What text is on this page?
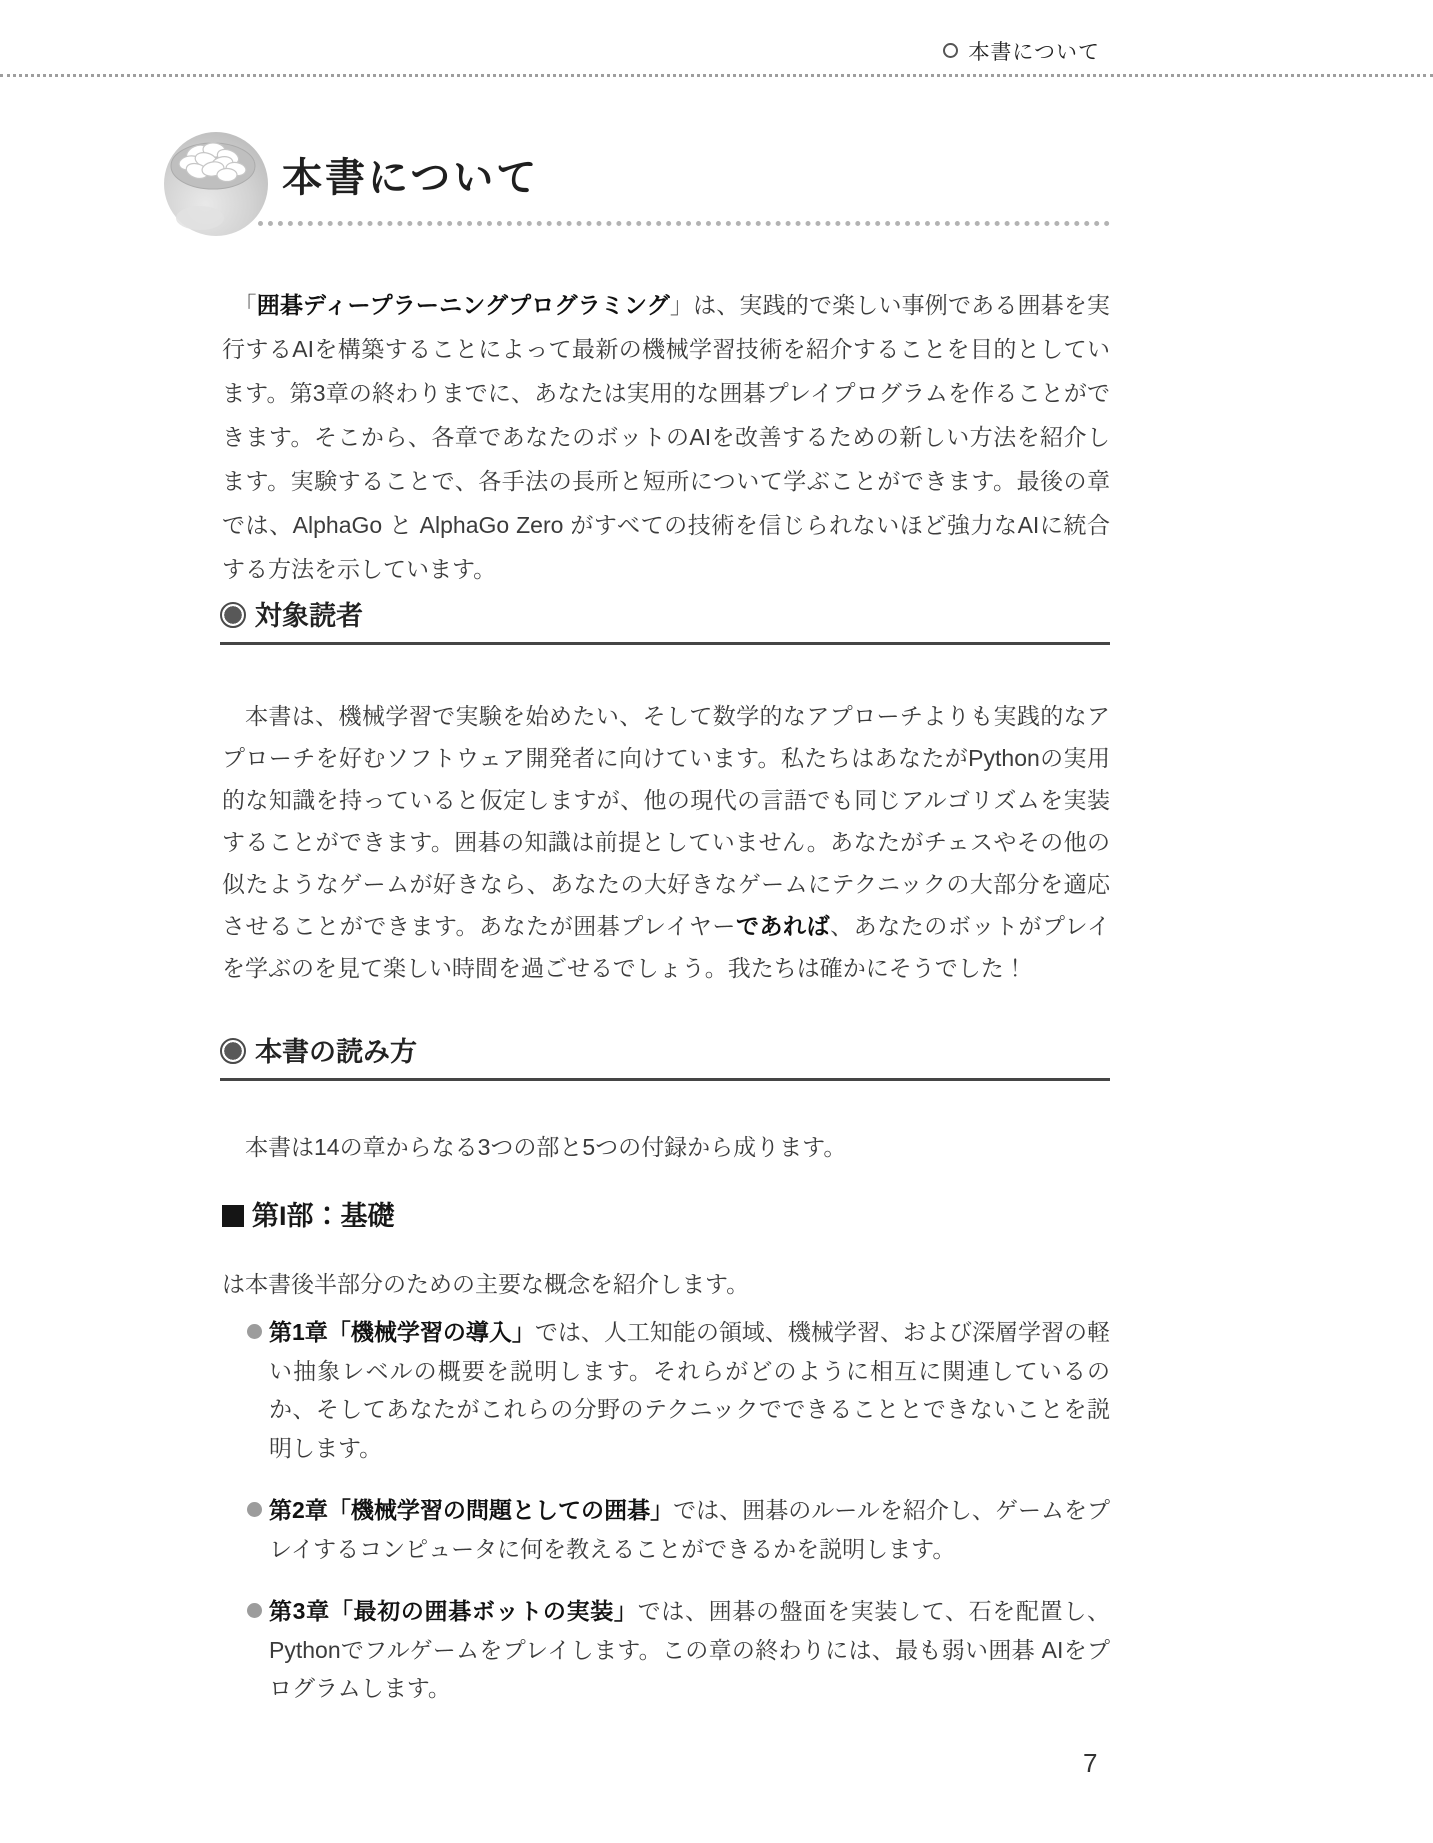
本書について
本書について

「囲碁ディープラーニングプログラミング」は、実践的で楽しい事例である囲碁を実行するAIを構築することによって最新の機械学習技術を紹介することを目的としています。第3章の終わりまでに、あなたは実用的な囲碁プレイプログラムを作ることができます。そこから、各章であなたのボットのAIを改善するための新しい方法を紹介します。実験することで、各手法の長所と短所について学ぶことができます。最後の章では、AlphaGo と AlphaGo Zero がすべての技術を信じられないほど強力なAIに統合する方法を示しています。

対象読者

本書は、機械学習で実験を始めたい、そして数学的なアプローチよりも実践的なアプローチを好むソフトウェア開発者に向けています。私たちはあなたがPythonの実用的な知識を持っていると仮定しますが、他の現代の言語でも同じアルゴリズムを実装することができます。囲碁の知識は前提としていません。あなたがチェスやその他の似たようなゲームが好きなら、あなたの大好きなゲームにテクニックの大部分を適応させることができます。あなたが囲碁プレイヤーであれば、あなたのボットがプレイを学ぶのを見て楽しい時間を過ごせるでしょう。我たちは確かにそうでした！

本書の読み方

本書は14の章からなる3つの部と5つの付録から成ります。

第I部：基礎

は本書後半部分のための主要な概念を紹介します。

第1章「機械学習の導入」では、人工知能の領域、機械学習、および深層学習の軽い抽象レベルの概要を説明します。それらがどのように相互に関連しているのか、そしてあなたがこれらの分野のテクニックでできることとできないことを説明します。
第2章「機械学習の問題としての囲碁」では、囲碁のルールを紹介し、ゲームをプレイするコンピュータに何を教えることができるかを説明します。
第3章「最初の囲碁ボットの実装」では、囲碁の盤面を実装して、石を配置し、Pythonでフルゲームをプレイします。この章の終わりには、最も弱い囲碁 AIをプログラムします。
7
